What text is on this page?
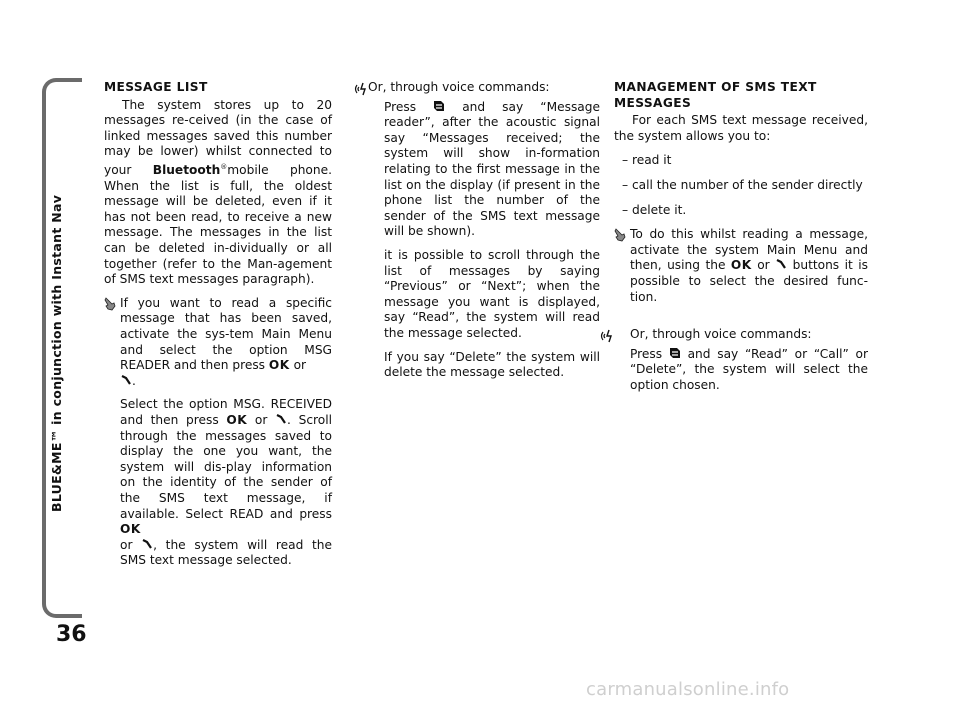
BLUE&ME™ in conjunction with Instant Nav
36
MESSAGE LIST

The system stores up to 20 messages re-ceived (in the case of linked messages saved this number may be lower) whilst connected to your Bluetooth®mobile phone. When the list is full, the oldest message will be deleted, even if it has not been read, to receive a new message. The messages in the list can be deleted in-dividually or all together (refer to the Man-agement of SMS text messages paragraph).

If you want to read a specific message that has been saved, activate the sys-tem Main Menu and select the option MSG READER and then press OK or
.

Select the option MSG. RECEIVED and then press OK or . Scroll through the messages saved to display the one you want, the system will dis-play information on the identity of the sender of the SMS text message, if available. Select READ and press OK
or , the system will read the SMS text message selected.

Or, through voice commands:

Press  and say “Message reader”, after the acoustic signal say “Messages received; the system will show in-formation relating to the first message in the list on the display (if present in the phone list the number of the sender of the SMS text message will be shown).

it is possible to scroll through the list of messages by saying “Previous” or “Next”; when the message you want is displayed, say “Read”, the system will read the message selected.

If you say “Delete” the system will delete the message selected.

MANAGEMENT OF SMS TEXT MESSAGES

For each SMS text message received, the system allows you to:

– read it
– call the number of the sender directly
– delete it.

To do this whilst reading a message, activate the system Main Menu and then, using the OK or  buttons it is possible to select the desired func-tion.

Or, through voice commands:

Press  and say “Read” or “Call” or “Delete”, the system will select the option chosen.

carmanualsonline.info
